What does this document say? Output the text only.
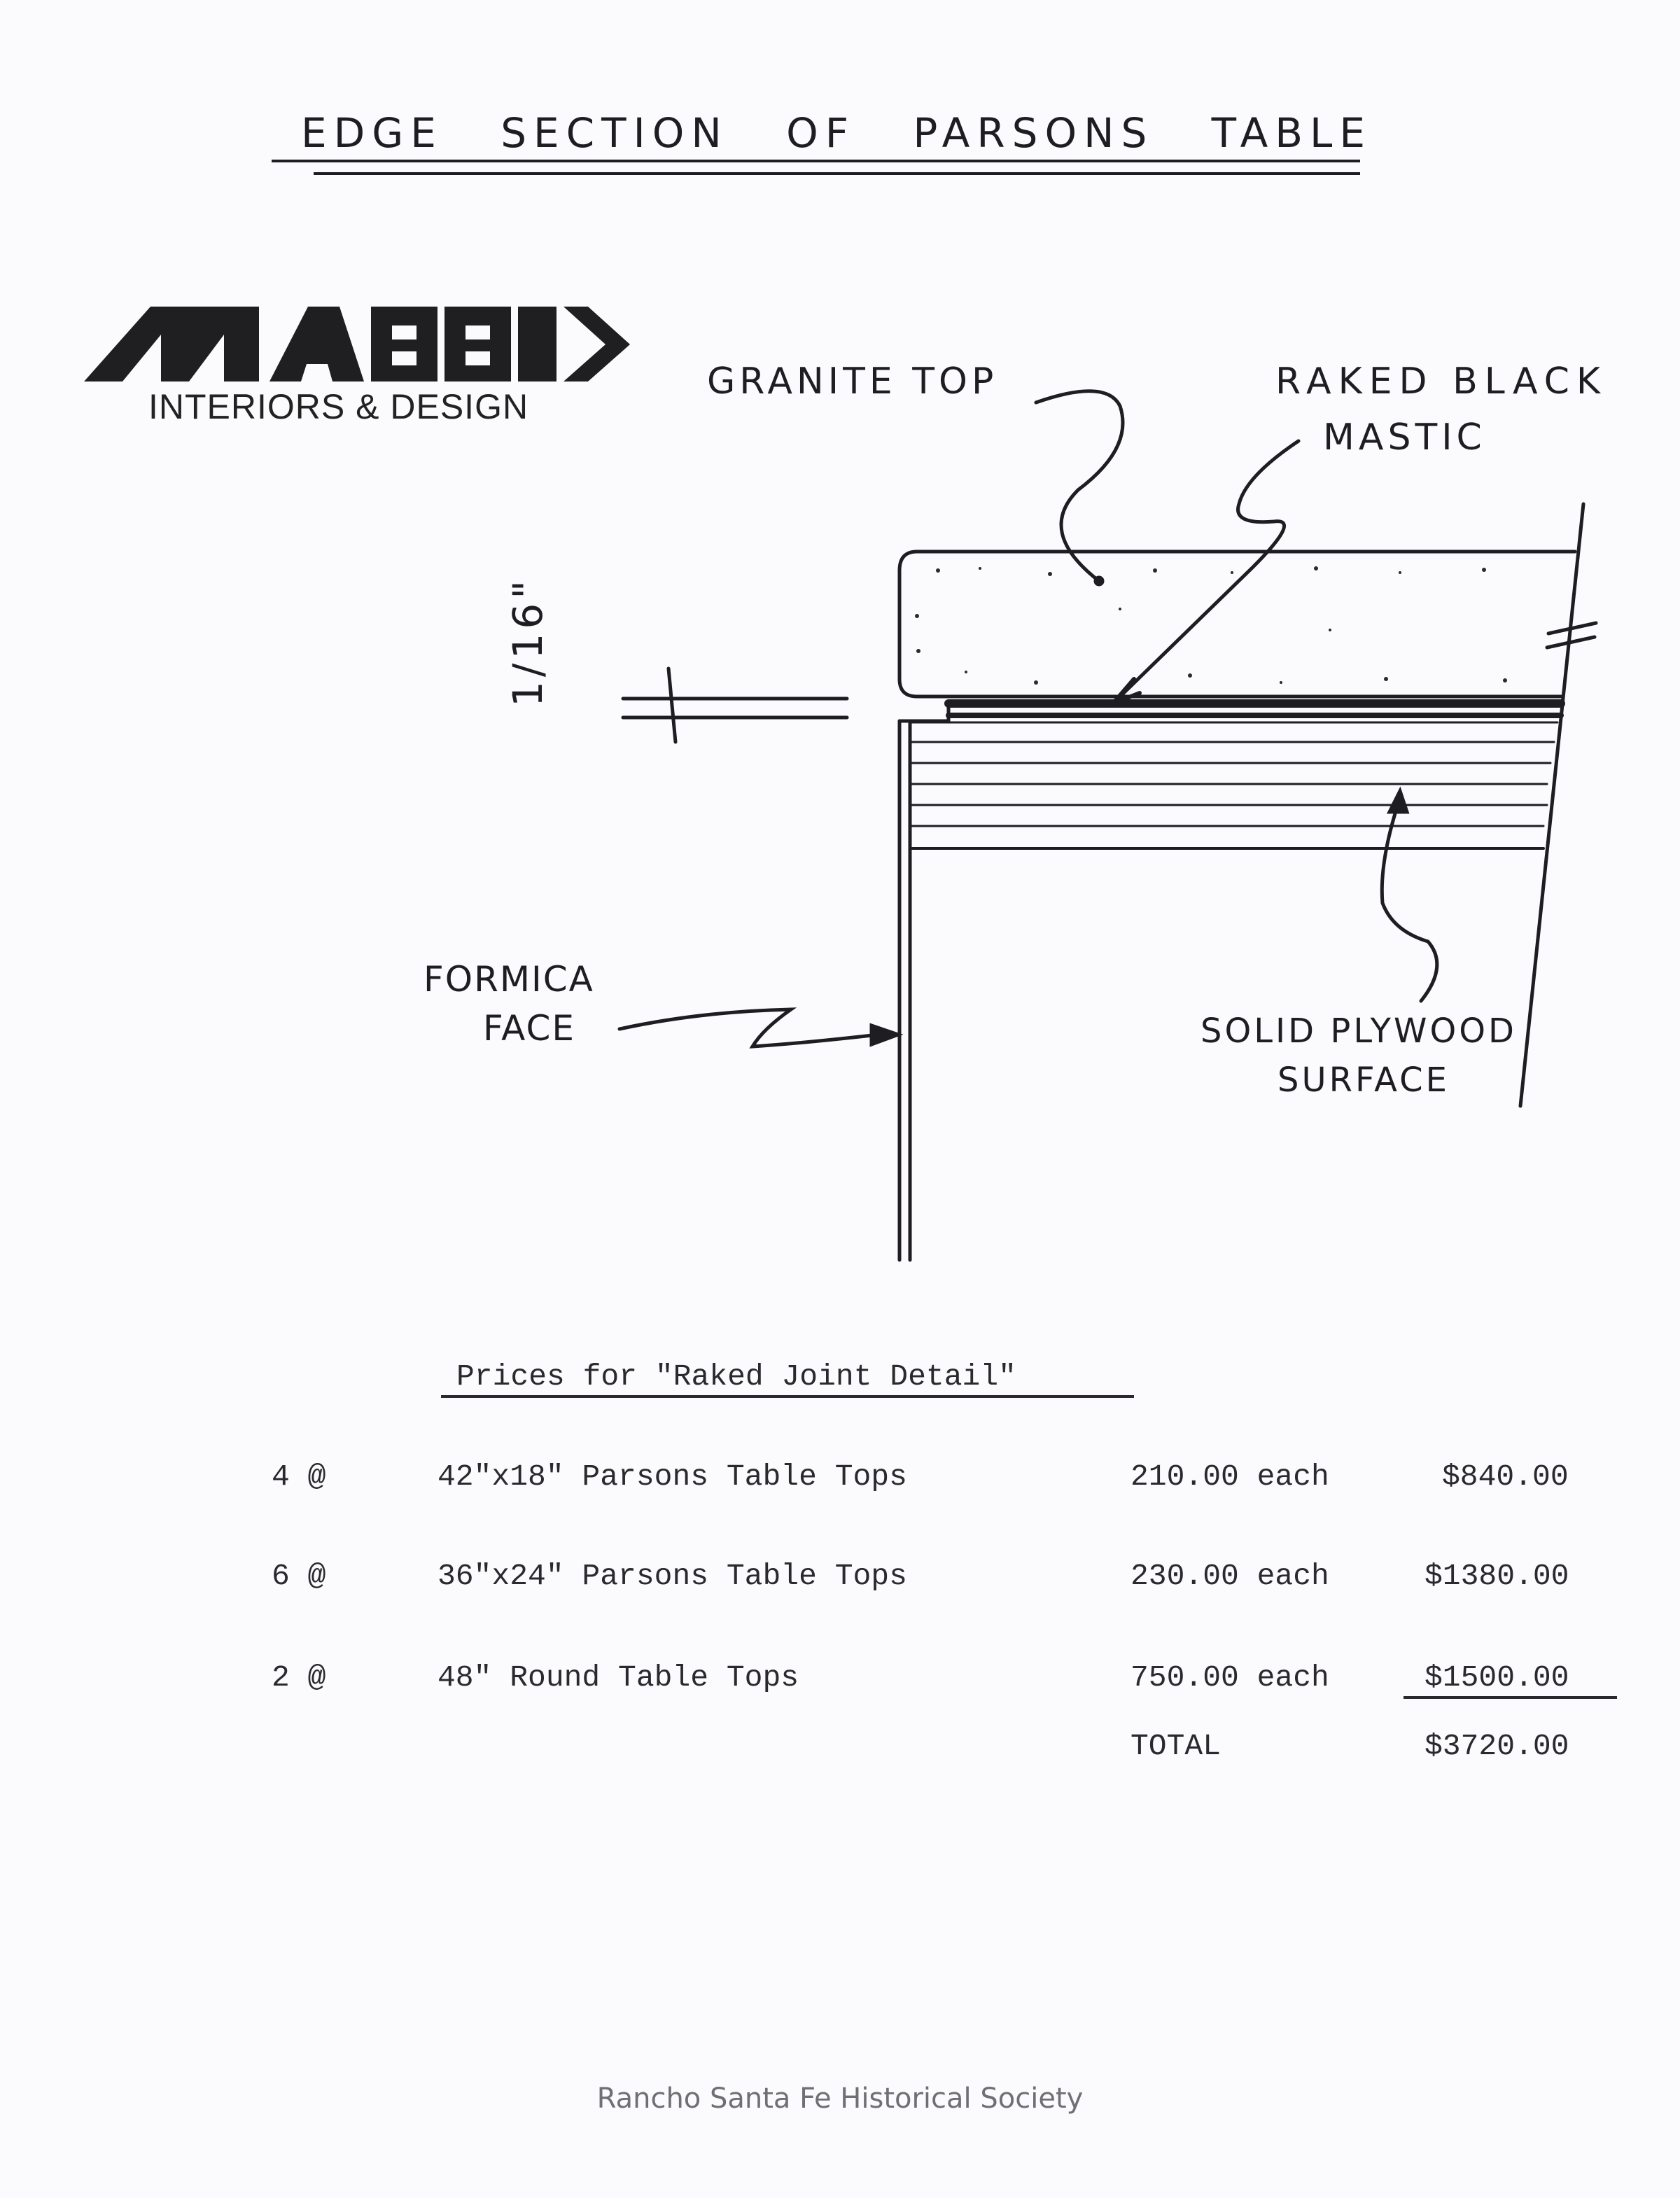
EDGE SECTION OF PARSONS TABLE
INTERIORS & DESIGN
GRANITE TOP	RAKED BLACK
MASTIC
1/16"
FORMICA
FACE	SOLID PLYWOOD
SURFACE
Prices for "Raked Joint Detail"
4 @	42"x18" Parsons Table Tops	210.00 each	$840.00
6 @	36"x24" Parsons Table Tops	230.00 each	$1380.00
2 @	48" Round Table Tops	750.00 each	$1500.00
TOTAL	$3720.00
Rancho Santa Fe Historical Society
